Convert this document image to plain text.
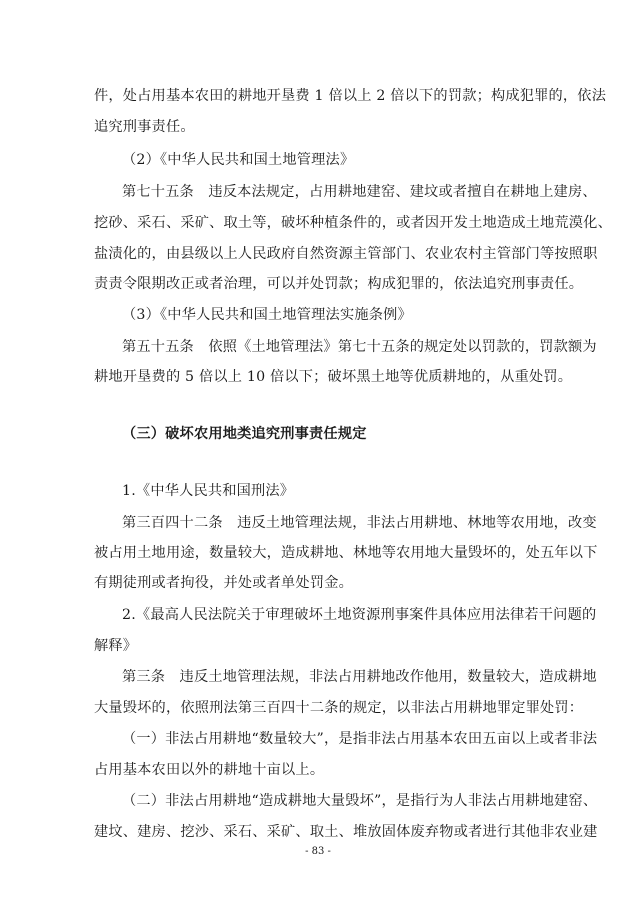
件，处占用基本农田的耕地开垦费 1 倍以上 2 倍以下的罚款；构成犯罪的，依法
追究刑事责任。
（2）《中华人民共和国土地管理法》
第七十五条　违反本法规定，占用耕地建窑、建坟或者擅自在耕地上建房、
挖砂、采石、采矿、取土等，破坏种植条件的，或者因开发土地造成土地荒漠化、
盐渍化的，由县级以上人民政府自然资源主管部门、农业农村主管部门等按照职
责责令限期改正或者治理，可以并处罚款；构成犯罪的，依法追究刑事责任。
（3）《中华人民共和国土地管理法实施条例》
第五十五条　依照《土地管理法》第七十五条的规定处以罚款的，罚款额为
耕地开垦费的 5 倍以上 10 倍以下；破坏黑土地等优质耕地的，从重处罚。
（三）破坏农用地类追究刑事责任规定
1.《中华人民共和国刑法》
第三百四十二条　违反土地管理法规，非法占用耕地、林地等农用地，改变
被占用土地用途，数量较大，造成耕地、林地等农用地大量毁坏的，处五年以下
有期徒刑或者拘役，并处或者单处罚金。
2.《最高人民法院关于审理破坏土地资源刑事案件具体应用法律若干问题的
解释》
第三条　违反土地管理法规，非法占用耕地改作他用，数量较大，造成耕地
大量毁坏的，依照刑法第三百四十二条的规定，以非法占用耕地罪定罪处罚：
（一）非法占用耕地“数量较大”，是指非法占用基本农田五亩以上或者非法
占用基本农田以外的耕地十亩以上。
（二）非法占用耕地“造成耕地大量毁坏”，是指行为人非法占用耕地建窑、
建坟、建房、挖沙、采石、采矿、取土、堆放固体废弃物或者进行其他非农业建
- 83 -
